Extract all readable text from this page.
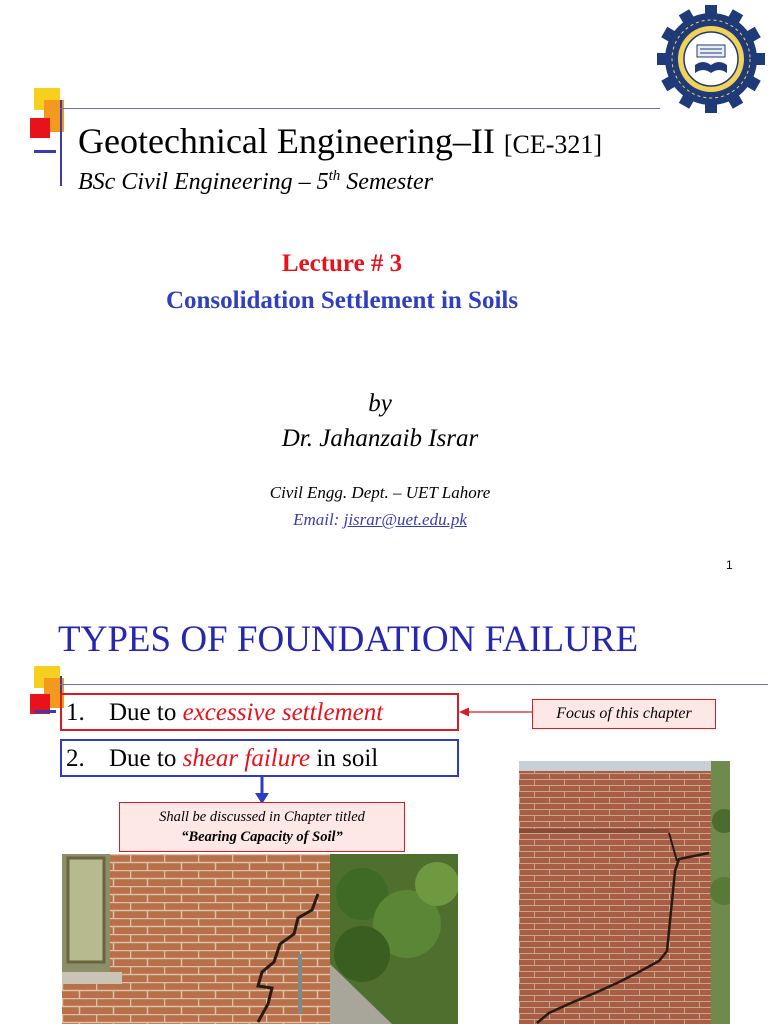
Geotechnical Engineering–II [CE-321]
BSc Civil Engineering – 5th Semester
Lecture # 3
Consolidation Settlement in Soils
by
Dr. Jahanzaib Israr
Civil Engg. Dept. – UET Lahore
Email: jisrar@uet.edu.pk
1
TYPES OF FOUNDATION FAILURE
1. Due to excessive settlement
2. Due to shear failure in soil
Focus of this chapter
Shall be discussed in Chapter titled
“Bearing Capacity of Soil”
